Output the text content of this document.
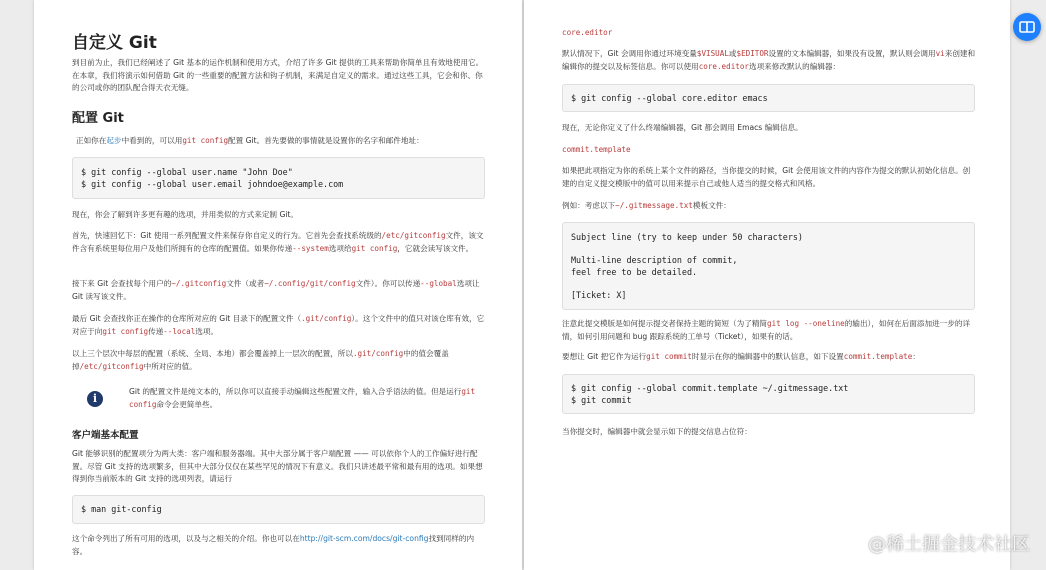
自定义 Git
到目前为止，我们已经阐述了 Git 基本的运作机制和使用方式，介绍了许多 Git 提供的工具来帮助你简单且有效地使用它。在本章，我们将演示如何借助 Git 的一些重要的配置方法和钩子机制，来满足自定义的需求。通过这些工具，它会和你、你的公司或你的团队配合得天衣无缝。
配置 Git
正如你在起步中看到的，可以用git config配置 Git。首先要做的事情就是设置你的名字和邮件地址：
$ git config --global user.name "John Doe"
$ git config --global user.email johndoe@example.com
现在，你会了解到许多更有趣的选项，并用类似的方式来定制 Git。
首先，快速回忆下：Git 使用一系列配置文件来保存你自定义的行为。它首先会查找系统级的/etc/gitconfig文件，该文件含有系统里每位用户及他们所拥有的仓库的配置值。如果你传递--system选项给git config，它就会读写该文件。
接下来 Git 会查找每个用户的~/.gitconfig文件（或者~/.config/git/config文件）。你可以传递--global选项让 Git 读写该文件。
最后 Git 会查找你正在操作的仓库所对应的 Git 目录下的配置文件（.git/config）。这个文件中的值只对该仓库有效，它对应于向git config传递--local选项。
以上三个层次中每层的配置（系统、全局、本地）都会覆盖掉上一层次的配置，所以.git/config中的值会覆盖掉/etc/gitconfig中所对应的值。
i
Git 的配置文件是纯文本的，所以你可以直接手动编辑这些配置文件，输入合乎语法的值。但是运行git config命令会更简单些。
客户端基本配置
Git 能够识别的配置项分为两大类：客户端和服务器端。其中大部分属于客户端配置 —— 可以依你个人的工作偏好进行配置。尽管 Git 支持的选项繁多，但其中大部分仅仅在某些罕见的情况下有意义。我们只讲述最平常和最有用的选项。如果想得到你当前版本的 Git 支持的选项列表，请运行
$ man git-config
这个命令列出了所有可用的选项，以及与之相关的介绍。你也可以在http://git-scm.com/docs/git-config找到同样的内容。
core.editor
默认情况下，Git 会调用你通过环境变量$VISUAL或$EDITOR设置的文本编辑器，如果没有设置，默认则会调用vi来创建和编辑你的提交以及标签信息。你可以使用core.editor选项来修改默认的编辑器：
$ git config --global core.editor emacs
现在，无论你定义了什么终端编辑器，Git 都会调用 Emacs 编辑信息。
commit.template
如果把此项指定为你的系统上某个文件的路径，当你提交的时候，Git 会使用该文件的内容作为提交的默认初始化信息。创建的自定义提交模版中的值可以用来提示自己或他人适当的提交格式和风格。
例如：考虑以下~/.gitmessage.txt模板文件：
Subject line (try to keep under 50 characters)

Multi-line description of commit,
feel free to be detailed.

[Ticket: X]
注意此提交模版是如何提示提交者保持主题的简短（为了精简git log --oneline的输出），如何在后面添加进一步的详情，如何引用问题和 bug 跟踪系统的工单号（Ticket），如果有的话。
要想让 Git 把它作为运行git commit时显示在你的编辑器中的默认信息，如下设置commit.template：
$ git config --global commit.template ~/.gitmessage.txt
$ git commit
当你提交时，编辑器中就会显示如下的提交信息占位符：
@稀土掘金技术社区
